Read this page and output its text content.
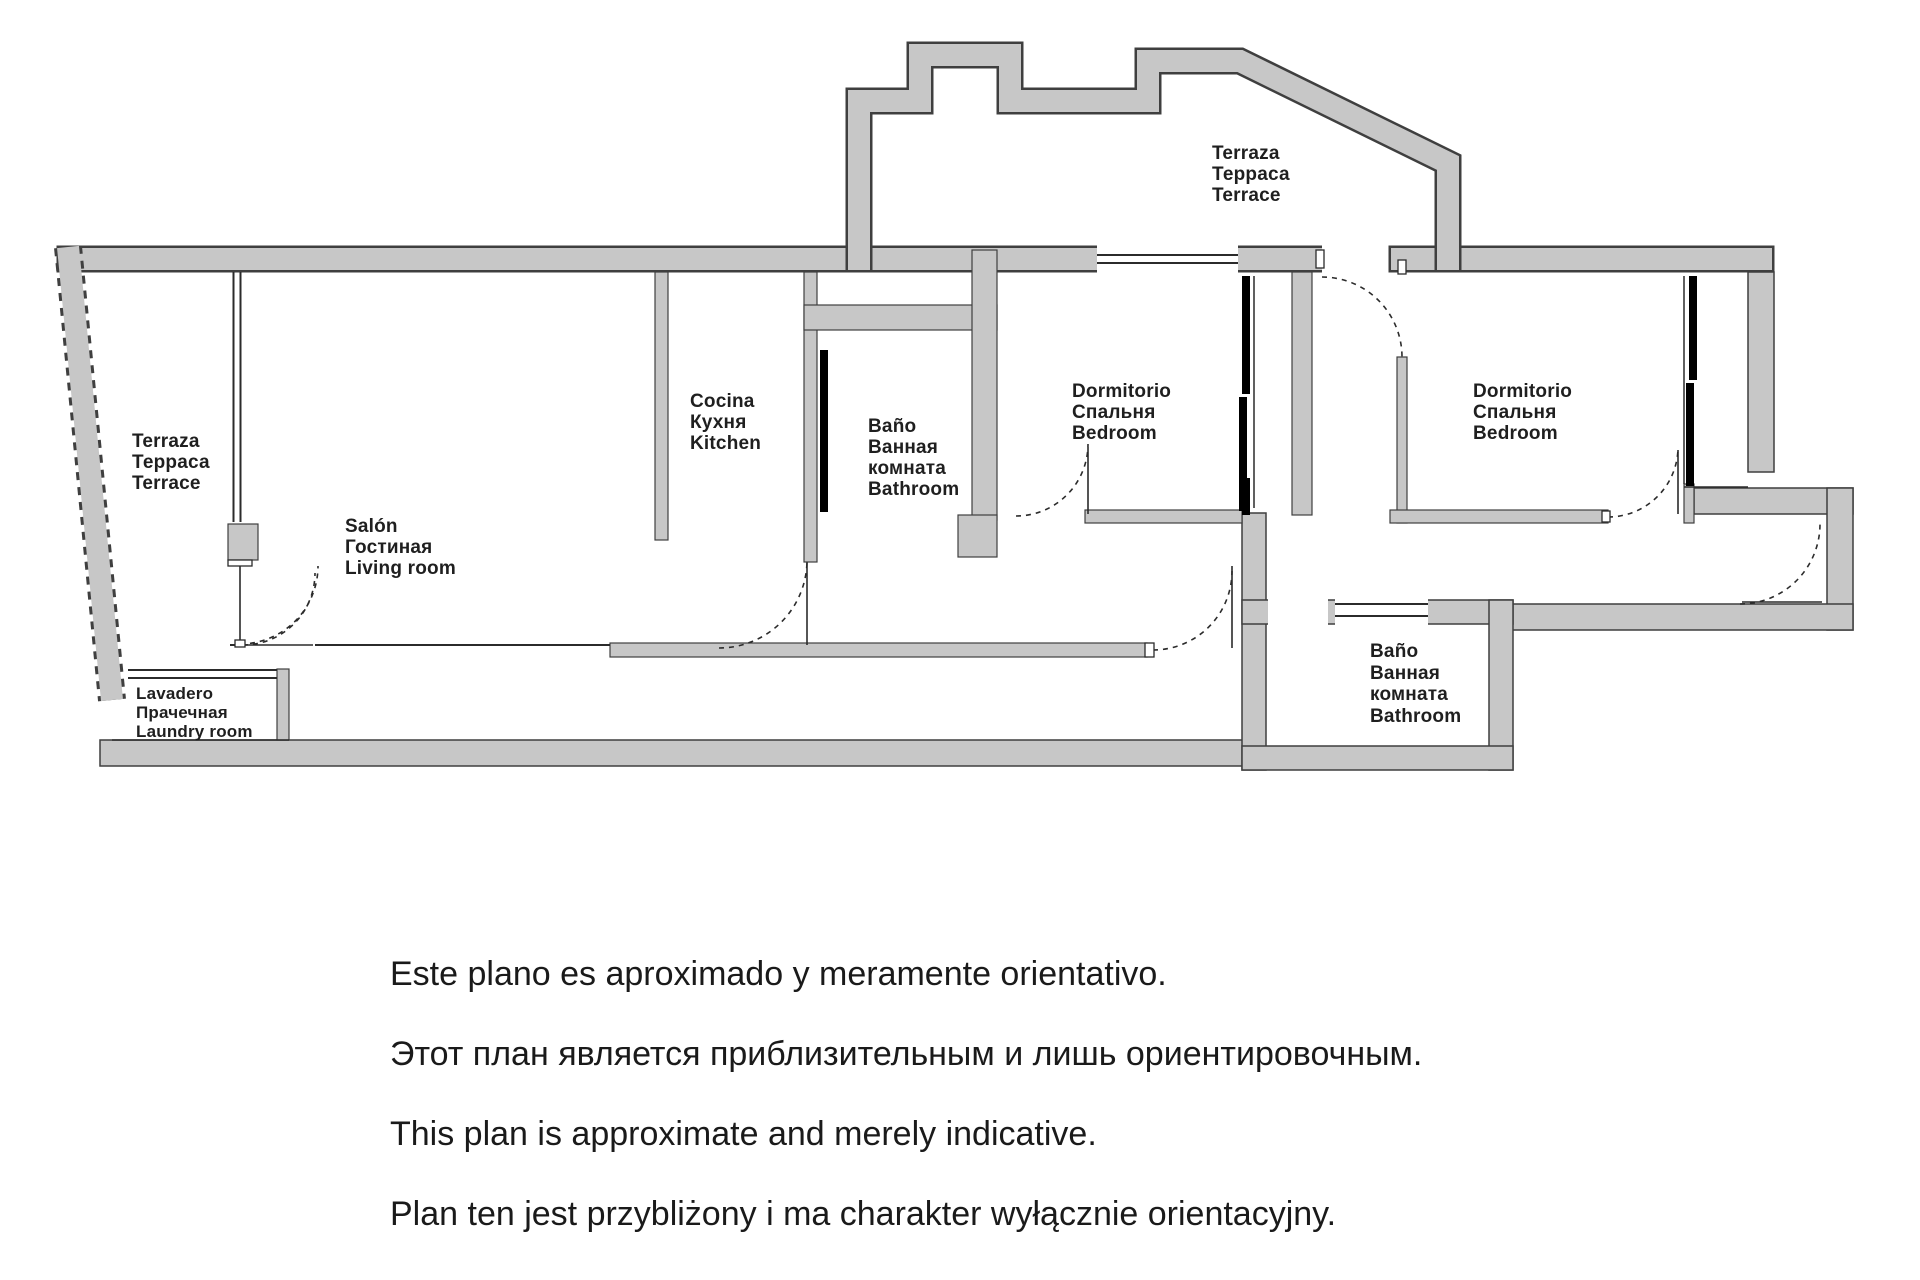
Terraza
Терраса
Terrace
Salón
Гостиная
Living room
Cocina
Кухня
Kitchen
Baño
Ванная
комната
Bathroom
Dormitorio
Спальня
Bedroom
Terraza
Терраса
Terrace
Dormitorio
Спальня
Bedroom
Baño
Ванная
комната
Bathroom
Lavadero
Прачечная
Laundry room

Este plano es aproximado y meramente orientativo.

Этот план является приблизительным и лишь ориентировочным.

This plan is approximate and merely indicative.

Plan ten jest przybliżony i ma charakter wyłącznie orientacyjny.
